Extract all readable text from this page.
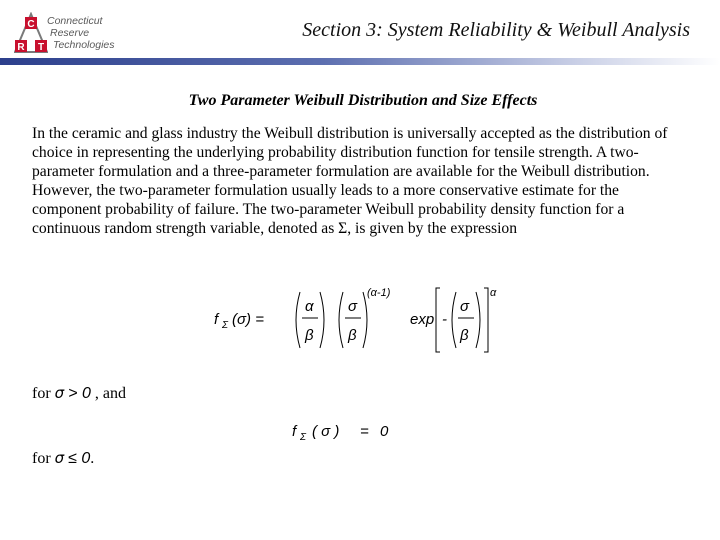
C
R T
Connecticut
Reserve
Technologies
Section 3: System Reliability & Weibull Analysis
Two Parameter Weibull Distribution and Size Effects
In the ceramic and glass industry the Weibull distribution is universally accepted as the distribution of choice in representing the underlying probability distribution function for tensile strength. A two-parameter formulation and a three-parameter formulation are available for the Weibull distribution. However, the two-parameter formulation usually leads to a more conservative estimate for the component probability of failure. The two-parameter Weibull probability density function for a continuous random strength variable, denoted as Σ, is given by the expression
f Σ (σ) =
α
β
σ
β
(α-1)
exp -
σ
β
α
for σ > 0 , and
f Σ ( σ ) = 0
for σ ≤ 0.
